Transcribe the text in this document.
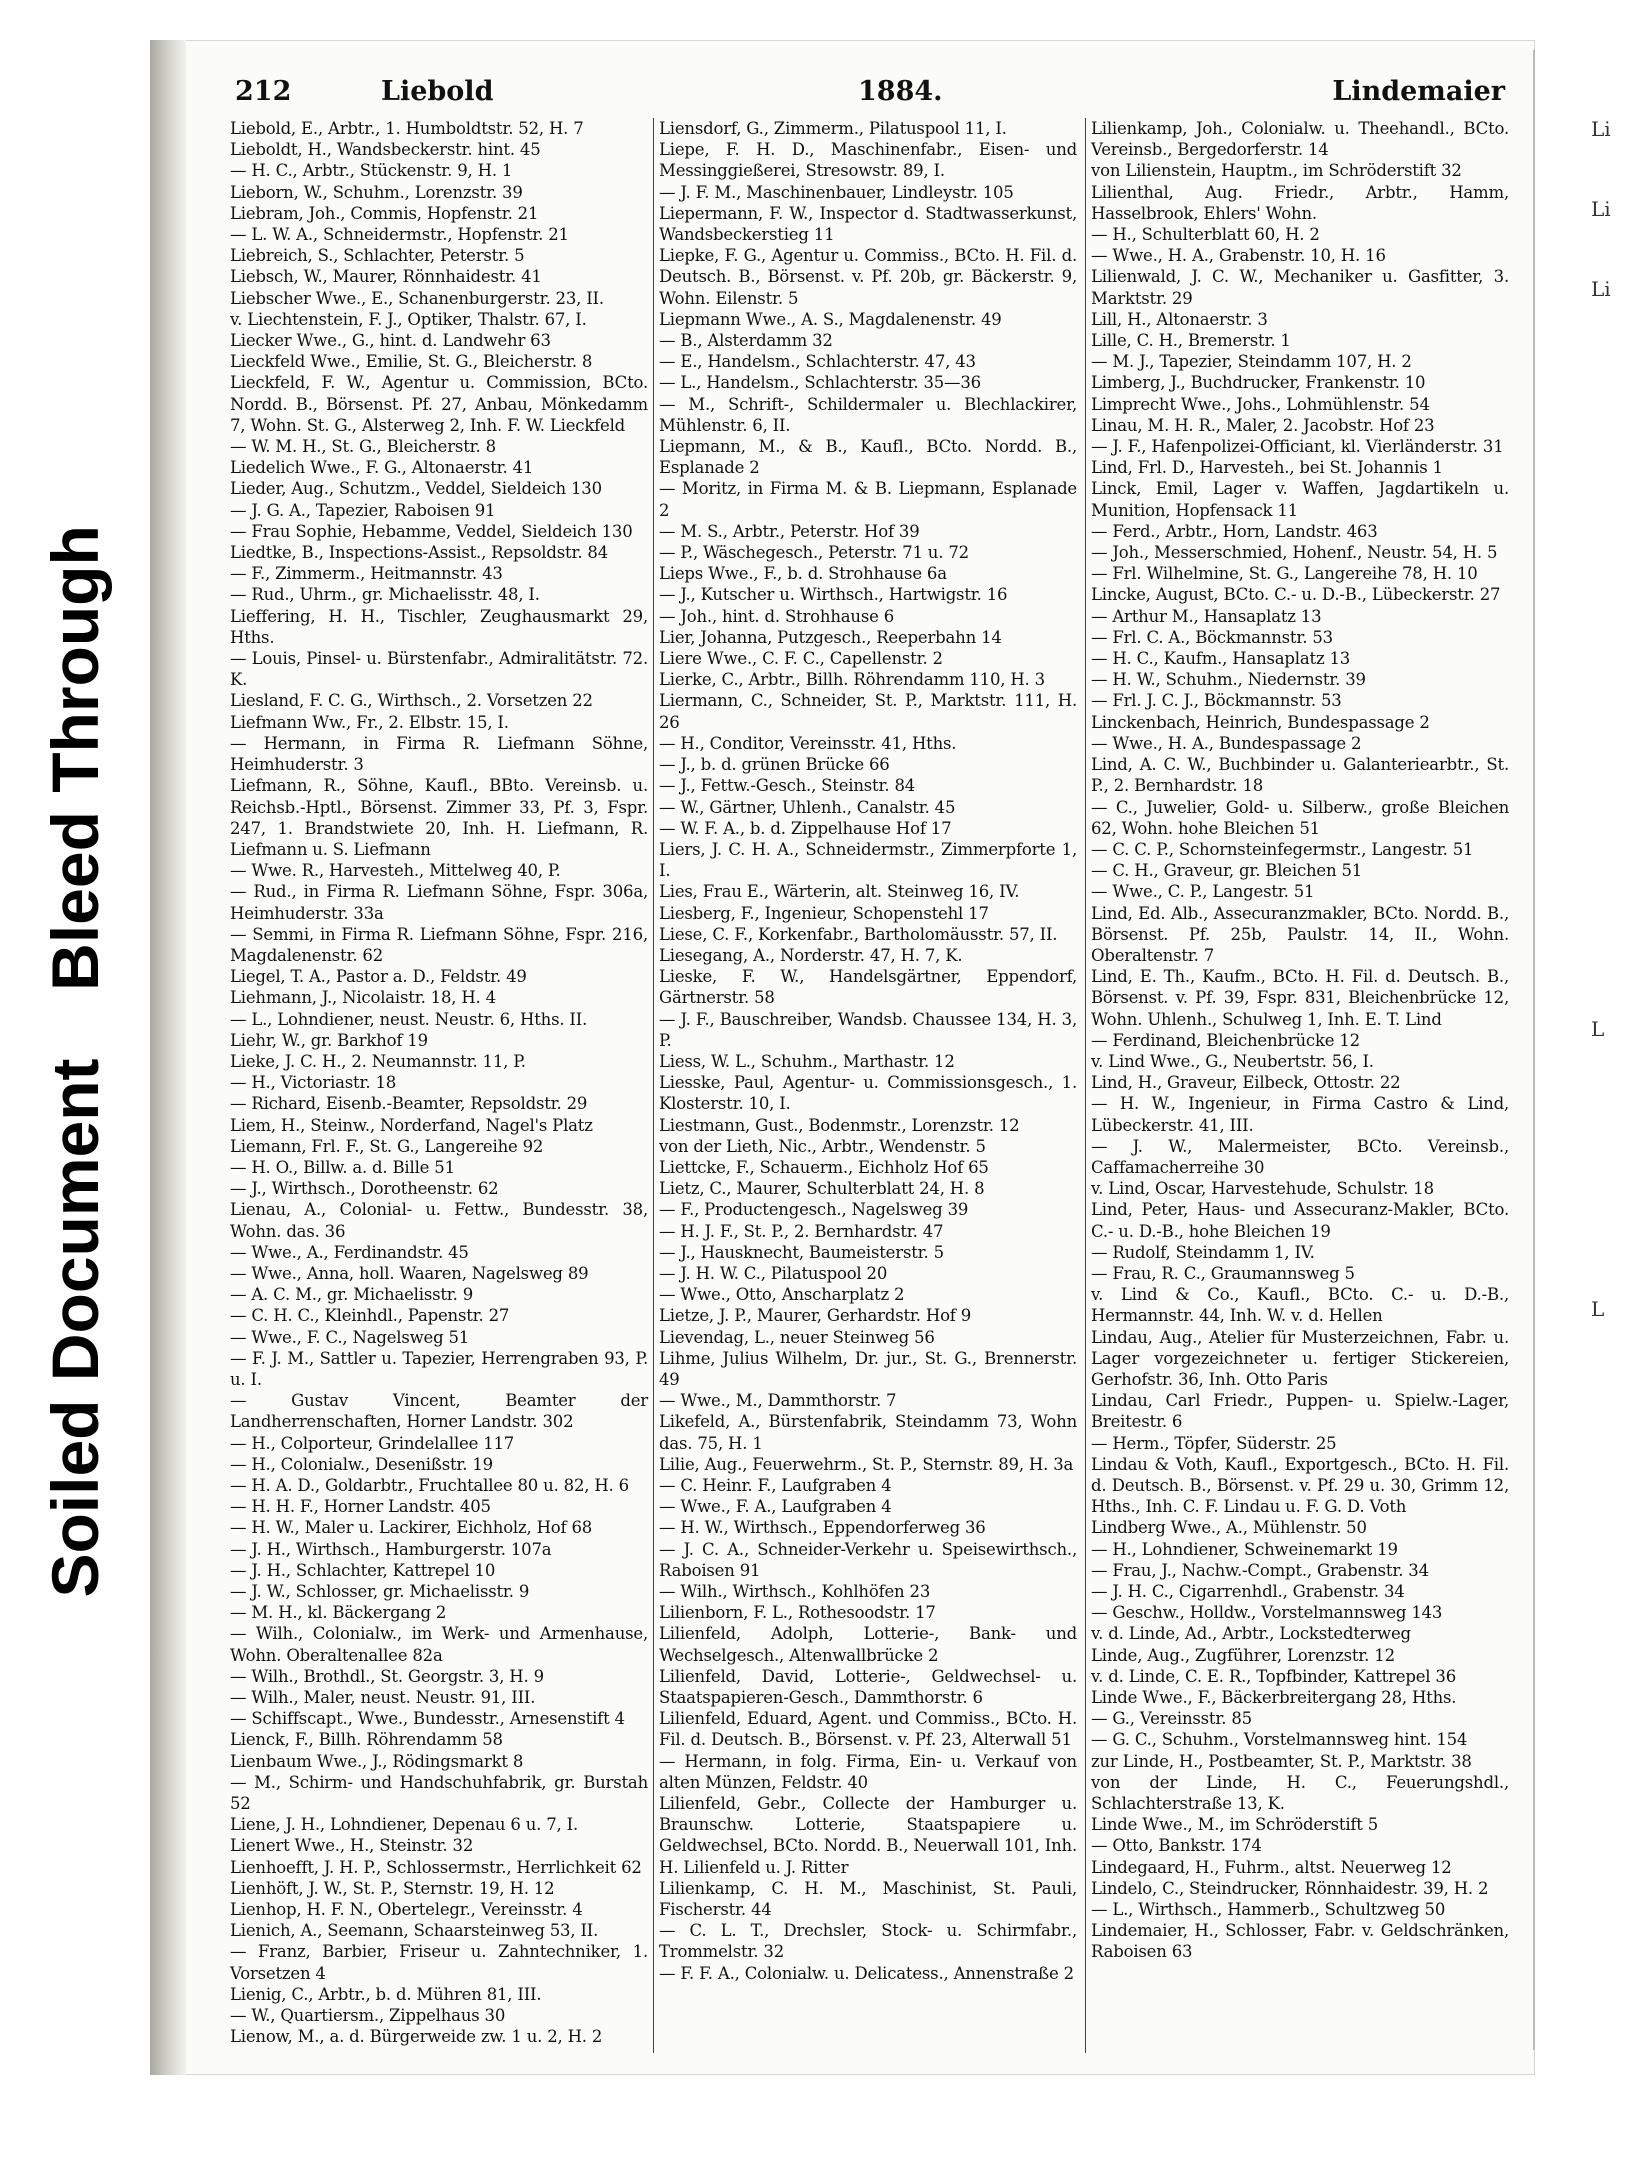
Bleed Through
Soiled Document
Li
Li
Li
L
L
212	Liebold	1884.	Lindemaier

Liebold, E., Arbtr., 1. Humboldtstr. 52, H. 7

Lieboldt, H., Wandsbeckerstr. hint. 45

— H. C., Arbtr., Stückenstr. 9, H. 1

Lieborn, W., Schuhm., Lorenzstr. 39

Liebram, Joh., Commis, Hopfenstr. 21

— L. W. A., Schneidermstr., Hopfenstr. 21

Liebreich, S., Schlachter, Peterstr. 5

Liebsch, W., Maurer, Rönnhaidestr. 41

Liebscher Wwe., E., Schanenburgerstr. 23, II.

v. Liechtenstein, F. J., Optiker, Thalstr. 67, I.

Liecker Wwe., G., hint. d. Landwehr 63

Lieckfeld Wwe., Emilie, St. G., Bleicherstr. 8

Lieckfeld, F. W., Agentur u. Commission, BCto. Nordd. B., Börsenst. Pf. 27, Anbau, Mönkedamm 7, Wohn. St. G., Alsterweg 2, Inh. F. W. Lieckfeld

— W. M. H., St. G., Bleicherstr. 8

Liedelich Wwe., F. G., Altonaerstr. 41

Lieder, Aug., Schutzm., Veddel, Sieldeich 130

— J. G. A., Tapezier, Raboisen 91

— Frau Sophie, Hebamme, Veddel, Sieldeich 130

Liedtke, B., Inspections-Assist., Repsoldstr. 84

— F., Zimmerm., Heitmannstr. 43

— Rud., Uhrm., gr. Michaelisstr. 48, I.

Lieffering, H. H., Tischler, Zeughausmarkt 29, Hths.

— Louis, Pinsel- u. Bürstenfabr., Admiralitätstr. 72. K.

Liesland, F. C. G., Wirthsch., 2. Vorsetzen 22

Liefmann Ww., Fr., 2. Elbstr. 15, I.

— Hermann, in Firma R. Liefmann Söhne, Heimhuderstr. 3

Liefmann, R., Söhne, Kaufl., BBto. Vereinsb. u. Reichsb.-Hptl., Börsenst. Zimmer 33, Pf. 3, Fspr. 247, 1. Brandstwiete 20, Inh. H. Liefmann, R. Liefmann u. S. Liefmann

— Wwe. R., Harvesteh., Mittelweg 40, P.

— Rud., in Firma R. Liefmann Söhne, Fspr. 306a, Heimhuderstr. 33a

— Semmi, in Firma R. Liefmann Söhne, Fspr. 216, Magdalenenstr. 62

Liegel, T. A., Pastor a. D., Feldstr. 49

Liehmann, J., Nicolaistr. 18, H. 4

— L., Lohndiener, neust. Neustr. 6, Hths. II.

Liehr, W., gr. Barkhof 19

Lieke, J. C. H., 2. Neumannstr. 11, P.

— H., Victoriastr. 18

— Richard, Eisenb.-Beamter, Repsoldstr. 29

Liem, H., Steinw., Norderfand, Nagel's Platz

Liemann, Frl. F., St. G., Langereihe 92

— H. O., Billw. a. d. Bille 51

— J., Wirthsch., Dorotheenstr. 62

Lienau, A., Colonial- u. Fettw., Bundesstr. 38, Wohn. das. 36

— Wwe., A., Ferdinandstr. 45

— Wwe., Anna, holl. Waaren, Nagelsweg 89

— A. C. M., gr. Michaelisstr. 9

— C. H. C., Kleinhdl., Papenstr. 27

— Wwe., F. C., Nagelsweg 51

— F. J. M., Sattler u. Tapezier, Herrengraben 93, P. u. I.

— Gustav Vincent, Beamter der Landherrenschaften, Horner Landstr. 302

— H., Colporteur, Grindelallee 117

— H., Colonialw., Desenißstr. 19

— H. A. D., Goldarbtr., Fruchtallee 80 u. 82, H. 6

— H. H. F., Horner Landstr. 405

— H. W., Maler u. Lackirer, Eichholz, Hof 68

— J. H., Wirthsch., Hamburgerstr. 107a

— J. H., Schlachter, Kattrepel 10

— J. W., Schlosser, gr. Michaelisstr. 9

— M. H., kl. Bäckergang 2

— Wilh., Colonialw., im Werk- und Armenhause, Wohn. Oberaltenallee 82a

— Wilh., Brothdl., St. Georgstr. 3, H. 9

— Wilh., Maler, neust. Neustr. 91, III.

— Schiffscapt., Wwe., Bundesstr., Arnesenstift 4

Lienck, F., Billh. Röhrendamm 58

Lienbaum Wwe., J., Rödingsmarkt 8

— M., Schirm- und Handschuhfabrik, gr. Burstah 52

Liene, J. H., Lohndiener, Depenau 6 u. 7, I.

Lienert Wwe., H., Steinstr. 32

Lienhoefft, J. H. P., Schlossermstr., Herrlichkeit 62

Lienhöft, J. W., St. P., Sternstr. 19, H. 12

Lienhop, H. F. N., Obertelegr., Vereinsstr. 4

Lienich, A., Seemann, Schaarsteinweg 53, II.

— Franz, Barbier, Friseur u. Zahntechniker, 1. Vorsetzen 4

Lienig, C., Arbtr., b. d. Mühren 81, III.

— W., Quartiersm., Zippelhaus 30

Lienow, M., a. d. Bürgerweide zw. 1 u. 2, H. 2

Liensdorf, G., Zimmerm., Pilatuspool 11, I.

Liepe, F. H. D., Maschinenfabr., Eisen- und Messinggießerei, Stresowstr. 89, I.

— J. F. M., Maschinenbauer, Lindleystr. 105

Liepermann, F. W., Inspector d. Stadtwasserkunst, Wandsbeckerstieg 11

Liepke, F. G., Agentur u. Commiss., BCto. H. Fil. d. Deutsch. B., Börsenst. v. Pf. 20b, gr. Bäckerstr. 9, Wohn. Eilenstr. 5

Liepmann Wwe., A. S., Magdalenenstr. 49

— B., Alsterdamm 32

— E., Handelsm., Schlachterstr. 47, 43

— L., Handelsm., Schlachterstr. 35—36

— M., Schrift-, Schildermaler u. Blechlackirer, Mühlenstr. 6, II.

Liepmann, M., & B., Kaufl., BCto. Nordd. B., Esplanade 2

— Moritz, in Firma M. & B. Liepmann, Esplanade 2

— M. S., Arbtr., Peterstr. Hof 39

— P., Wäschegesch., Peterstr. 71 u. 72

Lieps Wwe., F., b. d. Strohhause 6a

— J., Kutscher u. Wirthsch., Hartwigstr. 16

— Joh., hint. d. Strohhause 6

Lier, Johanna, Putzgesch., Reeperbahn 14

Liere Wwe., C. F. C., Capellenstr. 2

Lierke, C., Arbtr., Billh. Röhrendamm 110, H. 3

Liermann, C., Schneider, St. P., Marktstr. 111, H. 26

— H., Conditor, Vereinsstr. 41, Hths.

— J., b. d. grünen Brücke 66

— J., Fettw.-Gesch., Steinstr. 84

— W., Gärtner, Uhlenh., Canalstr. 45

— W. F. A., b. d. Zippelhause Hof 17

Liers, J. C. H. A., Schneidermstr., Zimmerpforte 1, I.

Lies, Frau E., Wärterin, alt. Steinweg 16, IV.

Liesberg, F., Ingenieur, Schopenstehl 17

Liese, C. F., Korkenfabr., Bartholomäusstr. 57, II.

Liesegang, A., Norderstr. 47, H. 7, K.

Lieske, F. W., Handelsgärtner, Eppendorf, Gärtnerstr. 58

— J. F., Bauschreiber, Wandsb. Chaussee 134, H. 3, P.

Liess, W. L., Schuhm., Marthastr. 12

Liesske, Paul, Agentur- u. Commissionsgesch., 1. Klosterstr. 10, I.

Liestmann, Gust., Bodenmstr., Lorenzstr. 12

von der Lieth, Nic., Arbtr., Wendenstr. 5

Liettcke, F., Schauerm., Eichholz Hof 65

Lietz, C., Maurer, Schulterblatt 24, H. 8

— F., Productengesch., Nagelsweg 39

— H. J. F., St. P., 2. Bernhardstr. 47

— J., Hausknecht, Baumeisterstr. 5

— J. H. W. C., Pilatuspool 20

— Wwe., Otto, Anscharplatz 2

Lietze, J. P., Maurer, Gerhardstr. Hof 9

Lievendag, L., neuer Steinweg 56

Lihme, Julius Wilhelm, Dr. jur., St. G., Brennerstr. 49

— Wwe., M., Dammthorstr. 7

Likefeld, A., Bürstenfabrik, Steindamm 73, Wohn das. 75, H. 1

Lilie, Aug., Feuerwehrm., St. P., Sternstr. 89, H. 3a

— C. Heinr. F., Laufgraben 4

— Wwe., F. A., Laufgraben 4

— H. W., Wirthsch., Eppendorferweg 36

— J. C. A., Schneider-Verkehr u. Speisewirthsch., Raboisen 91

— Wilh., Wirthsch., Kohlhöfen 23

Lilienborn, F. L., Rothesoodstr. 17

Lilienfeld, Adolph, Lotterie-, Bank- und Wechselgesch., Altenwallbrücke 2

Lilienfeld, David, Lotterie-, Geldwechsel- u. Staatspapieren-Gesch., Dammthorstr. 6

Lilienfeld, Eduard, Agent. und Commiss., BCto. H. Fil. d. Deutsch. B., Börsenst. v. Pf. 23, Alterwall 51

— Hermann, in folg. Firma, Ein- u. Verkauf von alten Münzen, Feldstr. 40

Lilienfeld, Gebr., Collecte der Hamburger u. Braunschw. Lotterie, Staatspapiere u. Geldwechsel, BCto. Nordd. B., Neuerwall 101, Inh. H. Lilienfeld u. J. Ritter

Lilienkamp, C. H. M., Maschinist, St. Pauli, Fischerstr. 44

— C. L. T., Drechsler, Stock- u. Schirmfabr., Trommelstr. 32

— F. F. A., Colonialw. u. Delicatess., Annenstraße 2

Lilienkamp, Joh., Colonialw. u. Theehandl., BCto. Vereinsb., Bergedorferstr. 14

von Lilienstein, Hauptm., im Schröderstift 32

Lilienthal, Aug. Friedr., Arbtr., Hamm, Hasselbrook, Ehlers' Wohn.

— H., Schulterblatt 60, H. 2

— Wwe., H. A., Grabenstr. 10, H. 16

Lilienwald, J. C. W., Mechaniker u. Gasfitter, 3. Marktstr. 29

Lill, H., Altonaerstr. 3

Lille, C. H., Bremerstr. 1

— M. J., Tapezier, Steindamm 107, H. 2

Limberg, J., Buchdrucker, Frankenstr. 10

Limprecht Wwe., Johs., Lohmühlenstr. 54

Linau, M. H. R., Maler, 2. Jacobstr. Hof 23

— J. F., Hafenpolizei-Officiant, kl. Vierländerstr. 31

Lind, Frl. D., Harvesteh., bei St. Johannis 1

Linck, Emil, Lager v. Waffen, Jagdartikeln u. Munition, Hopfensack 11

— Ferd., Arbtr., Horn, Landstr. 463

— Joh., Messerschmied, Hohenf., Neustr. 54, H. 5

— Frl. Wilhelmine, St. G., Langereihe 78, H. 10

Lincke, August, BCto. C.- u. D.-B., Lübeckerstr. 27

— Arthur M., Hansaplatz 13

— Frl. C. A., Böckmannstr. 53

— H. C., Kaufm., Hansaplatz 13

— H. W., Schuhm., Niedernstr. 39

— Frl. J. C. J., Böckmannstr. 53

Linckenbach, Heinrich, Bundespassage 2

— Wwe., H. A., Bundespassage 2

Lind, A. C. W., Buchbinder u. Galanteriearbtr., St. P., 2. Bernhardstr. 18

— C., Juwelier, Gold- u. Silberw., große Bleichen 62, Wohn. hohe Bleichen 51

— C. C. P., Schornsteinfegermstr., Langestr. 51

— C. H., Graveur, gr. Bleichen 51

— Wwe., C. P., Langestr. 51

Lind, Ed. Alb., Assecuranzmakler, BCto. Nordd. B., Börsenst. Pf. 25b, Paulstr. 14, II., Wohn. Oberaltenstr. 7

Lind, E. Th., Kaufm., BCto. H. Fil. d. Deutsch. B., Börsenst. v. Pf. 39, Fspr. 831, Bleichenbrücke 12, Wohn. Uhlenh., Schulweg 1, Inh. E. T. Lind

— Ferdinand, Bleichenbrücke 12

v. Lind Wwe., G., Neubertstr. 56, I.

Lind, H., Graveur, Eilbeck, Ottostr. 22

— H. W., Ingenieur, in Firma Castro & Lind, Lübeckerstr. 41, III.

— J. W., Malermeister, BCto. Vereinsb., Caffamacherreihe 30

v. Lind, Oscar, Harvestehude, Schulstr. 18

Lind, Peter, Haus- und Assecuranz-Makler, BCto. C.- u. D.-B., hohe Bleichen 19

— Rudolf, Steindamm 1, IV.

— Frau, R. C., Graumannsweg 5

v. Lind & Co., Kaufl., BCto. C.- u. D.-B., Hermannstr. 44, Inh. W. v. d. Hellen

Lindau, Aug., Atelier für Musterzeichnen, Fabr. u. Lager vorgezeichneter u. fertiger Stickereien, Gerhofstr. 36, Inh. Otto Paris

Lindau, Carl Friedr., Puppen- u. Spielw.-Lager, Breitestr. 6

— Herm., Töpfer, Süderstr. 25

Lindau & Voth, Kaufl., Exportgesch., BCto. H. Fil. d. Deutsch. B., Börsenst. v. Pf. 29 u. 30, Grimm 12, Hths., Inh. C. F. Lindau u. F. G. D. Voth

Lindberg Wwe., A., Mühlenstr. 50

— H., Lohndiener, Schweinemarkt 19

— Frau, J., Nachw.-Compt., Grabenstr. 34

— J. H. C., Cigarrenhdl., Grabenstr. 34

— Geschw., Holldw., Vorstelmannsweg 143

v. d. Linde, Ad., Arbtr., Lockstedterweg

Linde, Aug., Zugführer, Lorenzstr. 12

v. d. Linde, C. E. R., Topfbinder, Kattrepel 36

Linde Wwe., F., Bäckerbreitergang 28, Hths.

— G., Vereinsstr. 85

— G. C., Schuhm., Vorstelmannsweg hint. 154

zur Linde, H., Postbeamter, St. P., Marktstr. 38

von der Linde, H. C., Feuerungshdl., Schlachterstraße 13, K.

Linde Wwe., M., im Schröderstift 5

— Otto, Bankstr. 174

Lindegaard, H., Fuhrm., altst. Neuerweg 12

Lindelo, C., Steindrucker, Rönnhaidestr. 39, H. 2

— L., Wirthsch., Hammerb., Schultzweg 50

Lindemaier, H., Schlosser, Fabr. v. Geldschränken, Raboisen 63
